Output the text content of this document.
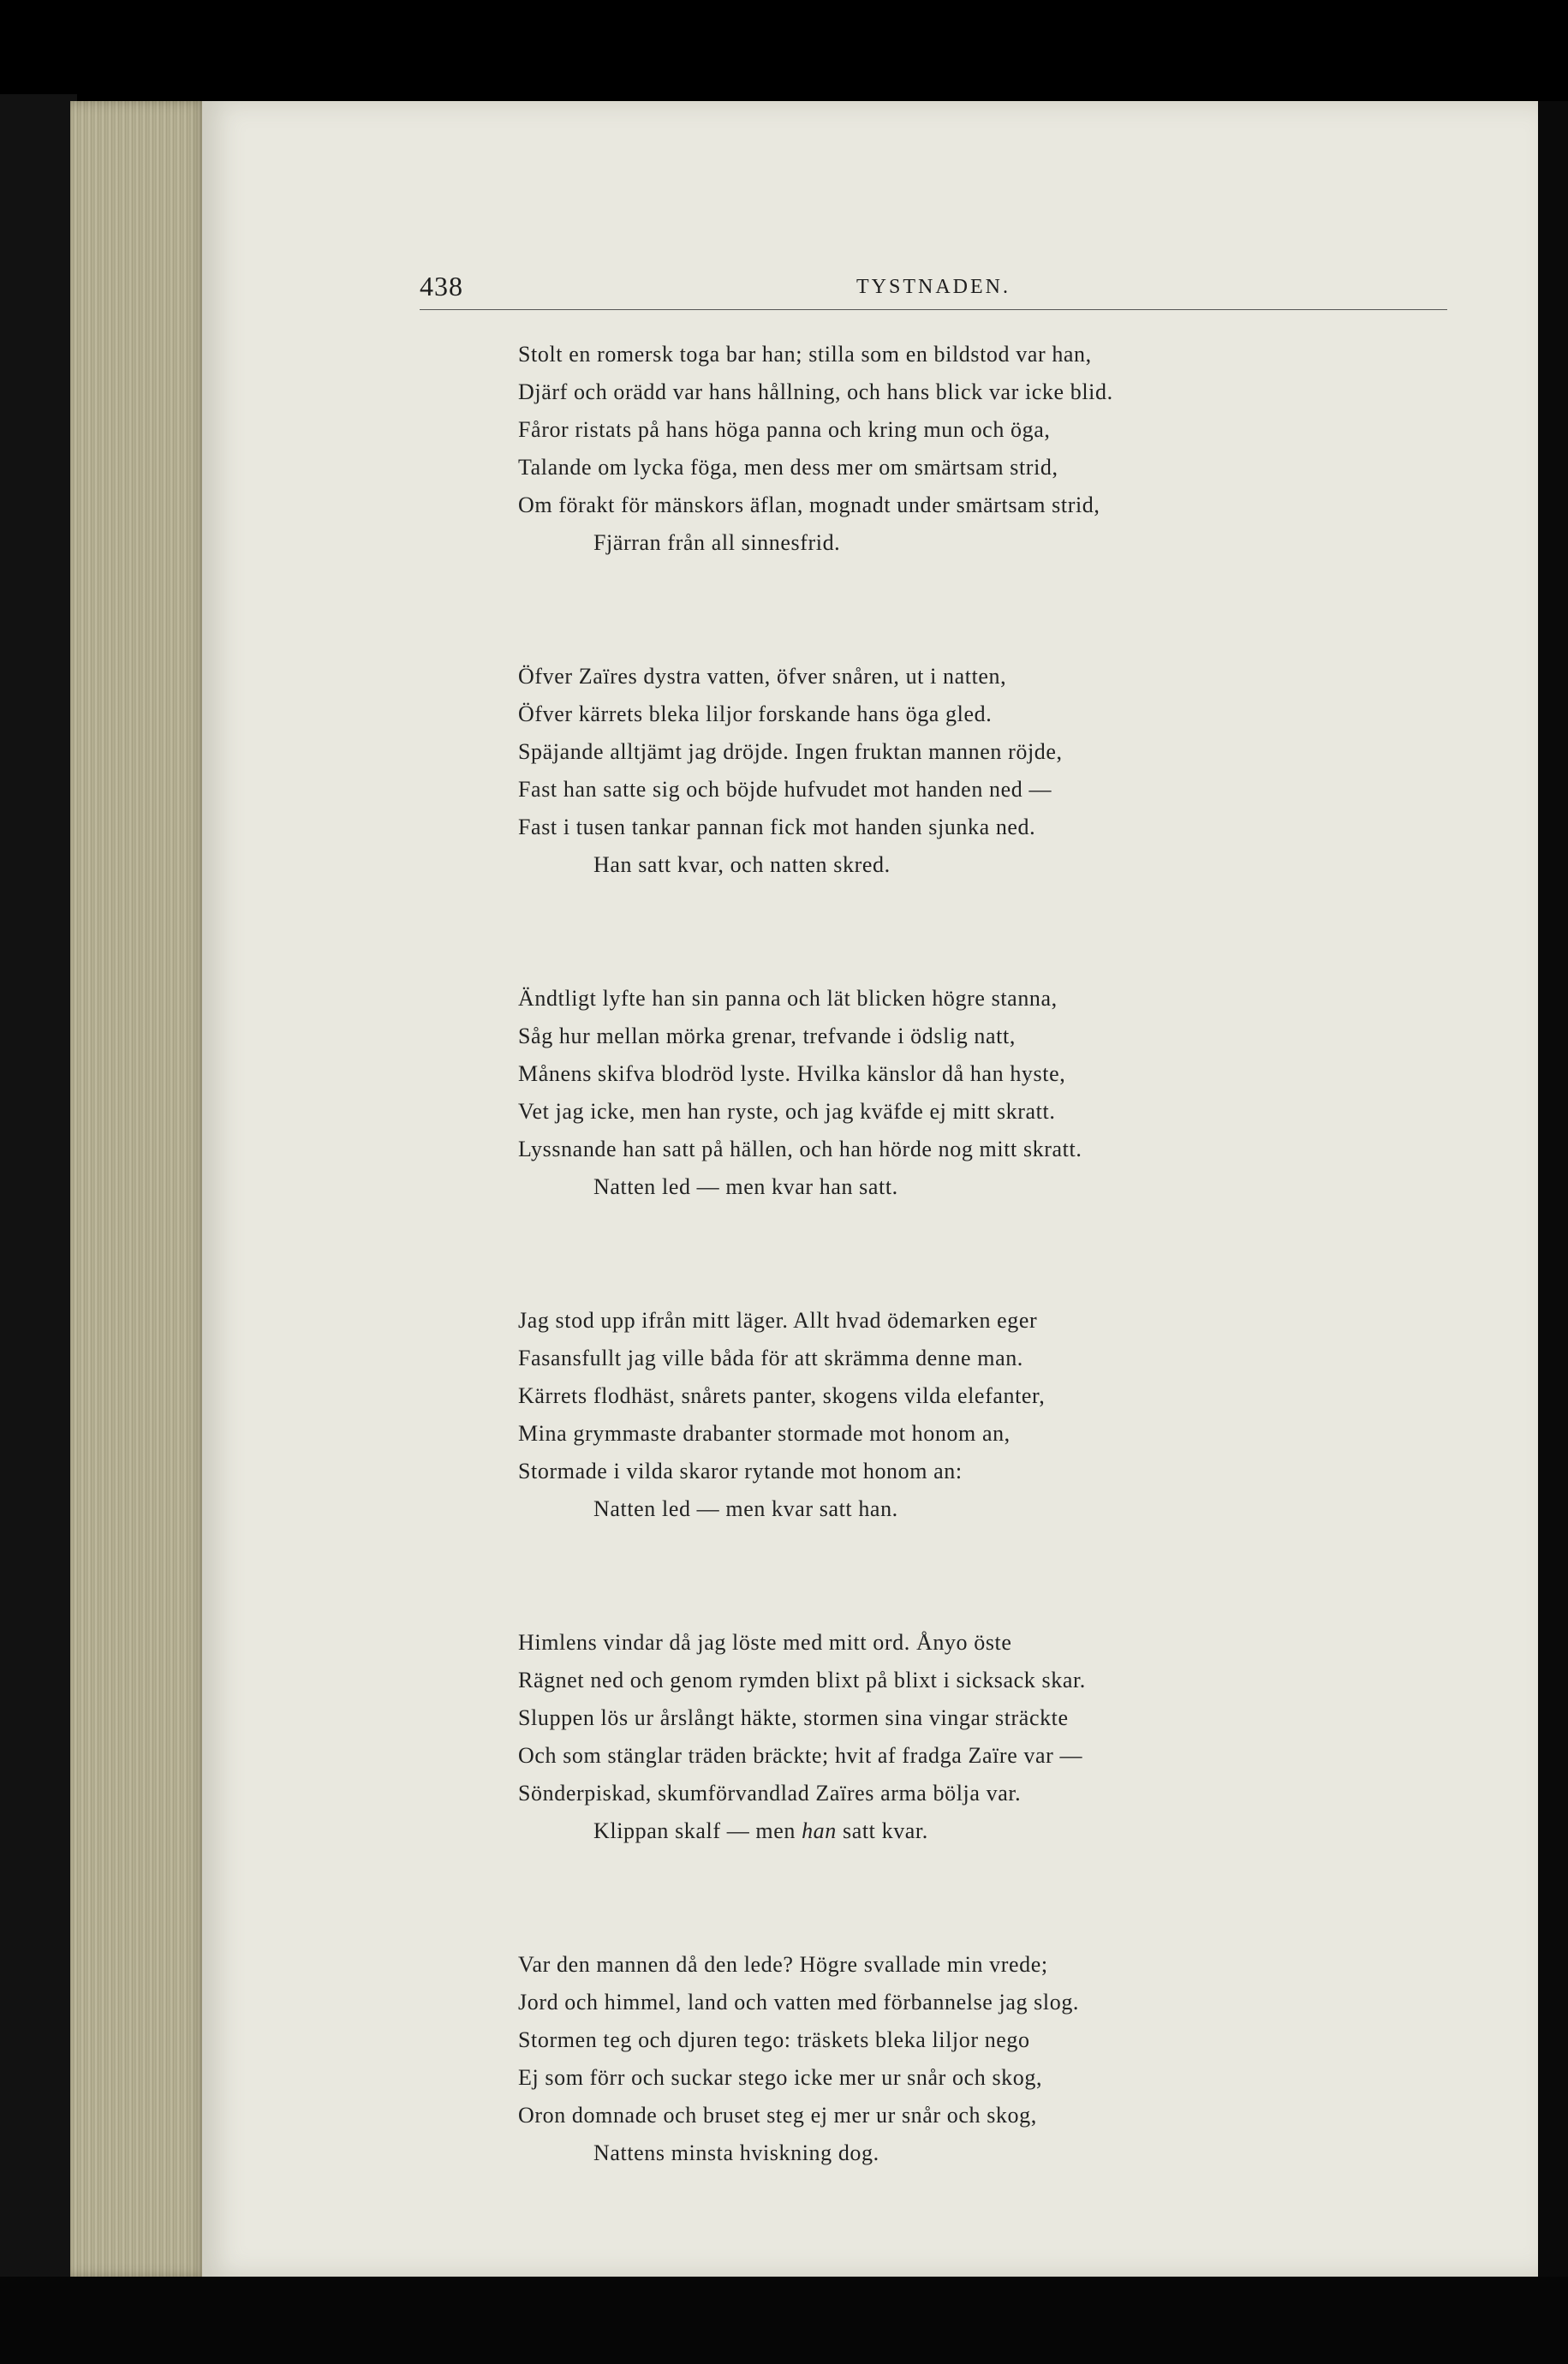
438	TYSTNADEN.
Stolt en romersk toga bar han; stilla som en bildstod var han,
Djärf och orädd var hans hållning, och hans blick var icke blid.
Fåror ristats på hans höga panna och kring mun och öga,
Talande om lycka föga, men dess mer om smärtsam strid,
Om förakt för mänskors äflan, mognadt under smärtsam strid,
Fjärran från all sinnesfrid.
Öfver Zaïres dystra vatten, öfver snåren, ut i natten,
Öfver kärrets bleka liljor forskande hans öga gled.
Späjande alltjämt jag dröjde. Ingen fruktan mannen röjde,
Fast han satte sig och böjde hufvudet mot handen ned —
Fast i tusen tankar pannan fick mot handen sjunka ned.
Han satt kvar, och natten skred.
Ändtligt lyfte han sin panna och lät blicken högre stanna,
Såg hur mellan mörka grenar, trefvande i ödslig natt,
Månens skifva blodröd lyste. Hvilka känslor då han hyste,
Vet jag icke, men han ryste, och jag kväfde ej mitt skratt.
Lyssnande han satt på hällen, och han hörde nog mitt skratt.
Natten led — men kvar han satt.
Jag stod upp ifrån mitt läger. Allt hvad ödemarken eger
Fasansfullt jag ville båda för att skrämma denne man.
Kärrets flodhäst, snårets panter, skogens vilda elefanter,
Mina grymmaste drabanter stormade mot honom an,
Stormade i vilda skaror rytande mot honom an:
Natten led — men kvar satt han.
Himlens vindar då jag löste med mitt ord. Ånyo öste
Rägnet ned och genom rymden blixt på blixt i sicksack skar.
Sluppen lös ur årslångt häkte, stormen sina vingar sträckte
Och som stänglar träden bräckte; hvit af fradga Zaïre var —
Sönderpiskad, skumförvandlad Zaïres arma bölja var.
Klippan skalf — men han satt kvar.
Var den mannen då den lede? Högre svallade min vrede;
Jord och himmel, land och vatten med förbannelse jag slog.
Stormen teg och djuren tego: träskets bleka liljor nego
Ej som förr och suckar stego icke mer ur snår och skog,
Oron domnade och bruset steg ej mer ur snår och skog,
Nattens minsta hviskning dog.
